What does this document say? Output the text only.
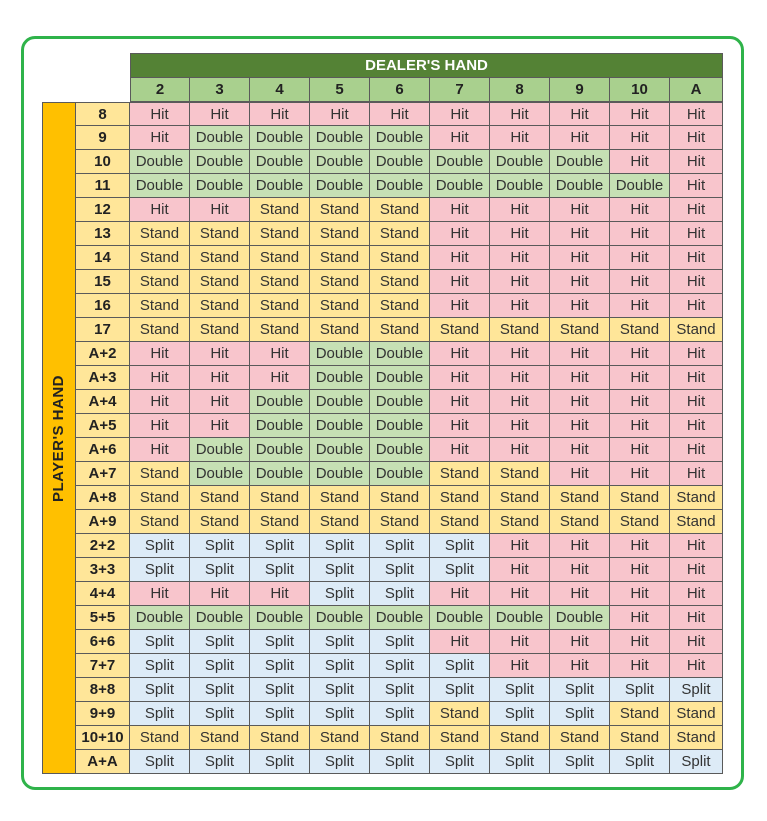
DEALER'S HAND
PLAYER'S HAND
2	3	4	5	6	7	8	9	10	A
8	Hit	Hit	Hit	Hit	Hit	Hit	Hit	Hit	Hit	Hit
9	Hit	Double Double Double Double	Hit	Hit	Hit	Hit	Hit
10	Double Double Double Double Double Double Double Double	Hit	Hit
11	Double Double Double Double Double Double Double Double Double	Hit
12	Hit	Hit	Stand	Stand	Stand	Hit	Hit	Hit	Hit	Hit
13	Stand	Stand	Stand	Stand	Stand	Hit	Hit	Hit	Hit	Hit
14	Stand	Stand	Stand	Stand	Stand	Hit	Hit	Hit	Hit	Hit
15	Stand	Stand	Stand	Stand	Stand	Hit	Hit	Hit	Hit	Hit
16	Stand	Stand	Stand	Stand	Stand	Hit	Hit	Hit	Hit	Hit
17	Stand	Stand	Stand	Stand	Stand	Stand	Stand	Stand	Stand	Stand
A+2	Hit	Hit	Hit	Double Double	Hit	Hit	Hit	Hit	Hit
A+3	Hit	Hit	Hit	Double Double	Hit	Hit	Hit	Hit	Hit
A+4	Hit	Hit	Double Double Double	Hit	Hit	Hit	Hit	Hit
A+5	Hit	Hit	Double Double Double	Hit	Hit	Hit	Hit	Hit
A+6	Hit	Double Double Double Double	Hit	Hit	Hit	Hit	Hit
A+7	Stand	Double Double Double Double	Stand	Stand	Hit	Hit	Hit
A+8	Stand	Stand	Stand	Stand	Stand	Stand	Stand	Stand	Stand	Stand
A+9	Stand	Stand	Stand	Stand	Stand	Stand	Stand	Stand	Stand	Stand
2+2	Split	Split	Split	Split	Split	Split	Hit	Hit	Hit	Hit
3+3	Split	Split	Split	Split	Split	Split	Hit	Hit	Hit	Hit
4+4	Hit	Hit	Hit	Split	Split	Hit	Hit	Hit	Hit	Hit
5+5	Double Double Double Double Double Double Double Double	Hit	Hit
6+6	Split	Split	Split	Split	Split	Hit	Hit	Hit	Hit	Hit
7+7	Split	Split	Split	Split	Split	Split	Hit	Hit	Hit	Hit
8+8	Split	Split	Split	Split	Split	Split	Split	Split	Split	Split
9+9	Split	Split	Split	Split	Split	Stand	Split	Split	Stand	Stand
10+10	Stand	Stand	Stand	Stand	Stand	Stand	Stand	Stand	Stand	Stand
A+A	Split	Split	Split	Split	Split	Split	Split	Split	Split	Split
